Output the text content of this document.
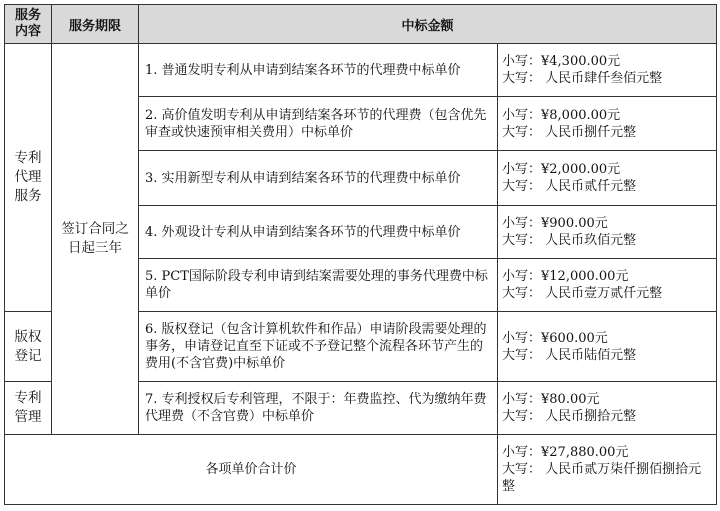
服务内容	服务期限	中标金额	
专利代理服务	签订合同之日起三年	1. 普通发明专利从申请到结案各环节的代理费中标单价	小写：¥4,300.00元
大写： 人民币肆仟叁佰元整

		2. 高价值发明专利从申请到结案各环节的代理费（包含优先审查或快速预审相关费用）中标单价	小写：¥8,000.00元
大写： 人民币捌仟元整

		3. 实用新型专利从申请到结案各环节的代理费中标单价	小写：¥2,000.00元
大写： 人民币贰仟元整

		4. 外观设计专利从申请到结案各环节的代理费中标单价	小写：¥900.00元
大写： 人民币玖佰元整

		5. PCT国际阶段专利申请到结案需要处理的事务代理费中标单价	小写：¥12,000.00元
大写： 人民币壹万贰仟元整

版权登记		6. 版权登记（包含计算机软件和作品）申请阶段需要处理的事务，申请登记直至下证或不予登记整个流程各环节产生的费用(不含官费)中标单价	小写：¥600.00元
大写： 人民币陆佰元整

专利管理		7. 专利授权后专利管理，不限于：年费监控、代为缴纳年费代理费（不含官费）中标单价	小写：¥80.00元
大写： 人民币捌拾元整

各项单价合计价			小写：¥27,880.00元
大写： 人民币贰万柒仟捌佰捌拾元整
